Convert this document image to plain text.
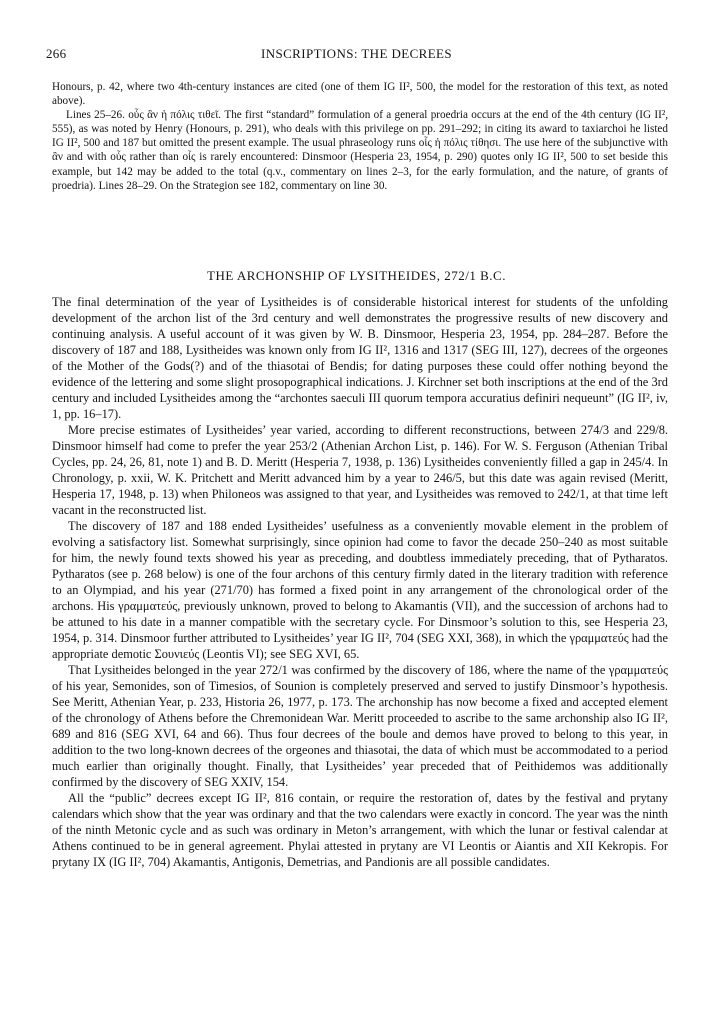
266	INSCRIPTIONS: THE DECREES

Honours, p. 42, where two 4th-century instances are cited (one of them IG II², 500, the model for the restoration of this text, as noted above).

Lines 25–26. οὗς ἂν ἡ πόλις τιθεῖ. The first “standard” formulation of a general proedria occurs at the end of the 4th century (IG II², 555), as was noted by Henry (Honours, p. 291), who deals with this privilege on pp. 291–292; in citing its award to taxiarchoi he listed IG II², 500 and 187 but omitted the present example. The usual phraseology runs οἷς ἡ πόλις τίθησι. The use here of the subjunctive with ἂν and with οὗς rather than οἷς is rarely encountered: Dinsmoor (Hesperia 23, 1954, p. 290) quotes only IG II², 500 to set beside this example, but 142 may be added to the total (q.v., commentary on lines 2–3, for the early formulation, and the nature, of grants of proedria). Lines 28–29. On the Strategion see 182, commentary on line 30.

THE ARCHONSHIP OF LYSITHEIDES, 272/1 B.C.

The final determination of the year of Lysitheides is of considerable historical interest for students of the unfolding development of the archon list of the 3rd century and well demonstrates the progressive results of new discovery and continuing analysis. A useful account of it was given by W. B. Dinsmoor, Hesperia 23, 1954, pp. 284–287. Before the discovery of 187 and 188, Lysitheides was known only from IG II², 1316 and 1317 (SEG III, 127), decrees of the orgeones of the Mother of the Gods(?) and of the thiasotai of Bendis; for dating purposes these could offer nothing beyond the evidence of the lettering and some slight prosopographical indications. J. Kirchner set both inscriptions at the end of the 3rd century and included Lysitheides among the “archontes saeculi III quorum tempora accuratius definiri nequeunt” (IG II², iv, 1, pp. 16–17).

More precise estimates of Lysitheides’ year varied, according to different reconstructions, between 274/3 and 229/8. Dinsmoor himself had come to prefer the year 253/2 (Athenian Archon List, p. 146). For W. S. Ferguson (Athenian Tribal Cycles, pp. 24, 26, 81, note 1) and B. D. Meritt (Hesperia 7, 1938, p. 136) Lysitheides conveniently filled a gap in 245/4. In Chronology, p. xxii, W. K. Pritchett and Meritt advanced him by a year to 246/5, but this date was again revised (Meritt, Hesperia 17, 1948, p. 13) when Philoneos was assigned to that year, and Lysitheides was removed to 242/1, at that time left vacant in the reconstructed list.

The discovery of 187 and 188 ended Lysitheides’ usefulness as a conveniently movable element in the problem of evolving a satisfactory list. Somewhat surprisingly, since opinion had come to favor the decade 250–240 as most suitable for him, the newly found texts showed his year as preceding, and doubtless immediately preceding, that of Pytharatos. Pytharatos (see p. 268 below) is one of the four archons of this century firmly dated in the literary tradition with reference to an Olympiad, and his year (271/70) has formed a fixed point in any arrangement of the chronological order of the archons. His γραμματεύς, previously unknown, proved to belong to Akamantis (VII), and the succession of archons had to be attuned to his date in a manner compatible with the secretary cycle. For Dinsmoor’s solution to this, see Hesperia 23, 1954, p. 314. Dinsmoor further attributed to Lysitheides’ year IG II², 704 (SEG XXI, 368), in which the γραμματεύς had the appropriate demotic Σουνιεύς (Leontis VI); see SEG XVI, 65.

That Lysitheides belonged in the year 272/1 was confirmed by the discovery of 186, where the name of the γραμματεύς of his year, Semonides, son of Timesios, of Sounion is completely preserved and served to justify Dinsmoor’s hypothesis. See Meritt, Athenian Year, p. 233, Historia 26, 1977, p. 173. The archonship has now become a fixed and accepted element of the chronology of Athens before the Chremonidean War. Meritt proceeded to ascribe to the same archonship also IG II², 689 and 816 (SEG XVI, 64 and 66). Thus four decrees of the boule and demos have proved to belong to this year, in addition to the two long-known decrees of the orgeones and thiasotai, the data of which must be accommodated to a period much earlier than originally thought. Finally, that Lysitheides’ year preceded that of Peithidemos was additionally confirmed by the discovery of SEG XXIV, 154.

All the “public” decrees except IG II², 816 contain, or require the restoration of, dates by the festival and prytany calendars which show that the year was ordinary and that the two calendars were exactly in concord. The year was the ninth of the ninth Metonic cycle and as such was ordinary in Meton’s arrangement, with which the lunar or festival calendar at Athens continued to be in general agreement. Phylai attested in prytany are VI Leontis or Aiantis and XII Kekropis. For prytany IX (IG II², 704) Akamantis, Antigonis, Demetrias, and Pandionis are all possible candidates.
